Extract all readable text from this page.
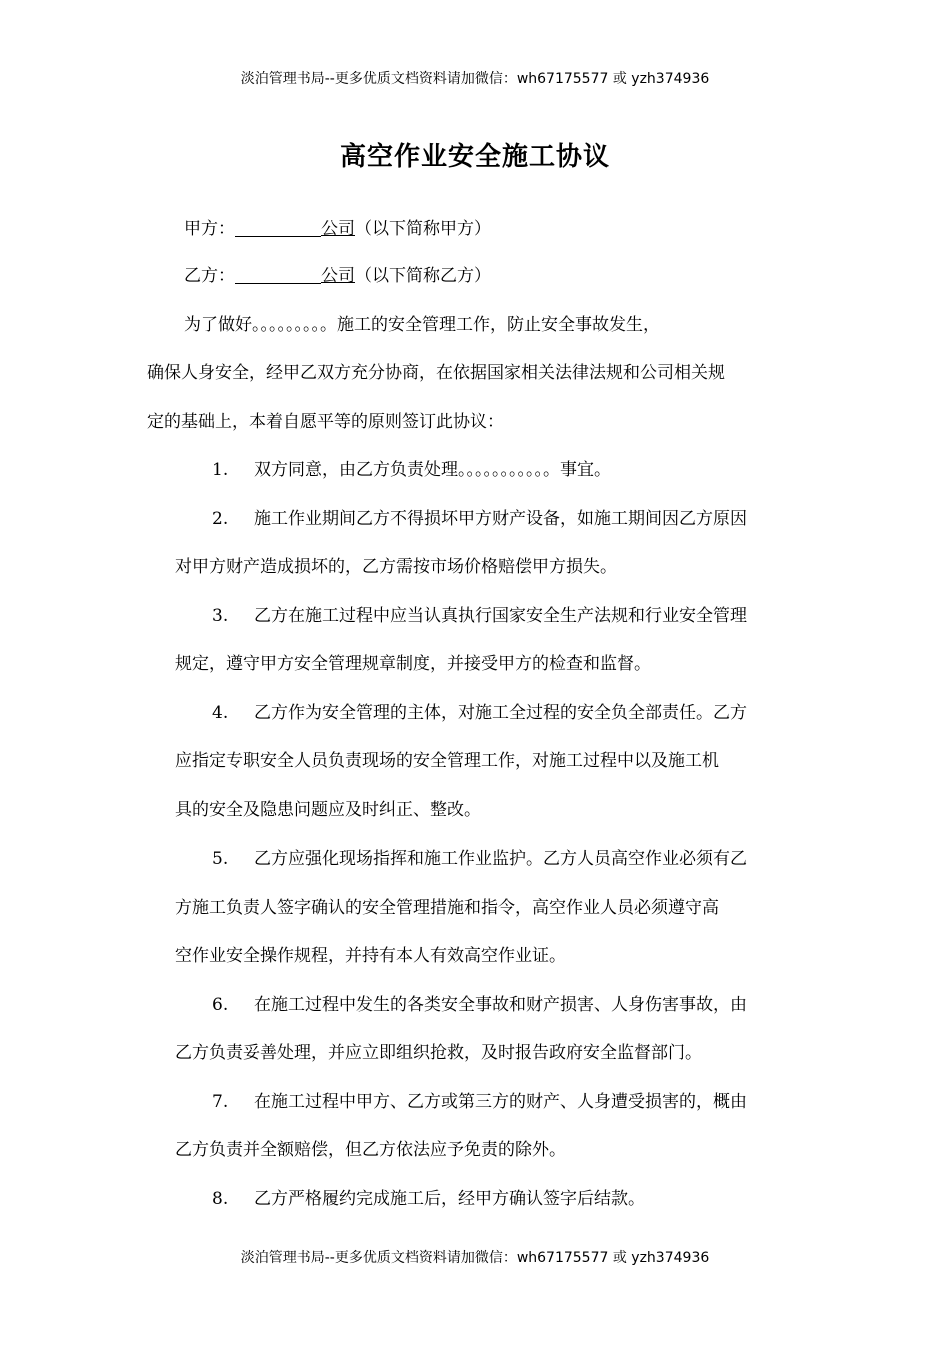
淡泊管理书局--更多优质文档资料请加微信：wh67175577 或 yzh374936
高空作业安全施工协议
甲方：	公司（以下简称甲方）
乙方：	公司（以下简称乙方）
为了做好。。。。。。。。。施工的安全管理工作，防止安全事故发生，
确保人身安全，经甲乙双方充分协商，在依据国家相关法律法规和公司相关规
定的基础上，本着自愿平等的原则签订此协议：
1. 双方同意，由乙方负责处理。。。。。。。。。。。事宜。
2. 施工作业期间乙方不得损坏甲方财产设备，如施工期间因乙方原因
对甲方财产造成损坏的，乙方需按市场价格赔偿甲方损失。
3. 乙方在施工过程中应当认真执行国家安全生产法规和行业安全管理
规定，遵守甲方安全管理规章制度，并接受甲方的检查和监督。
4. 乙方作为安全管理的主体，对施工全过程的安全负全部责任。乙方
应指定专职安全人员负责现场的安全管理工作，对施工过程中以及施工机
具的安全及隐患问题应及时纠正、整改。
5. 乙方应强化现场指挥和施工作业监护。乙方人员高空作业必须有乙
方施工负责人签字确认的安全管理措施和指令，高空作业人员必须遵守高
空作业安全操作规程，并持有本人有效高空作业证。
6. 在施工过程中发生的各类安全事故和财产损害、人身伤害事故，由
乙方负责妥善处理，并应立即组织抢救，及时报告政府安全监督部门。
7. 在施工过程中甲方、乙方或第三方的财产、人身遭受损害的，概由
乙方负责并全额赔偿，但乙方依法应予免责的除外。
8. 乙方严格履约完成施工后，经甲方确认签字后结款。
淡泊管理书局--更多优质文档资料请加微信：wh67175577 或 yzh374936
